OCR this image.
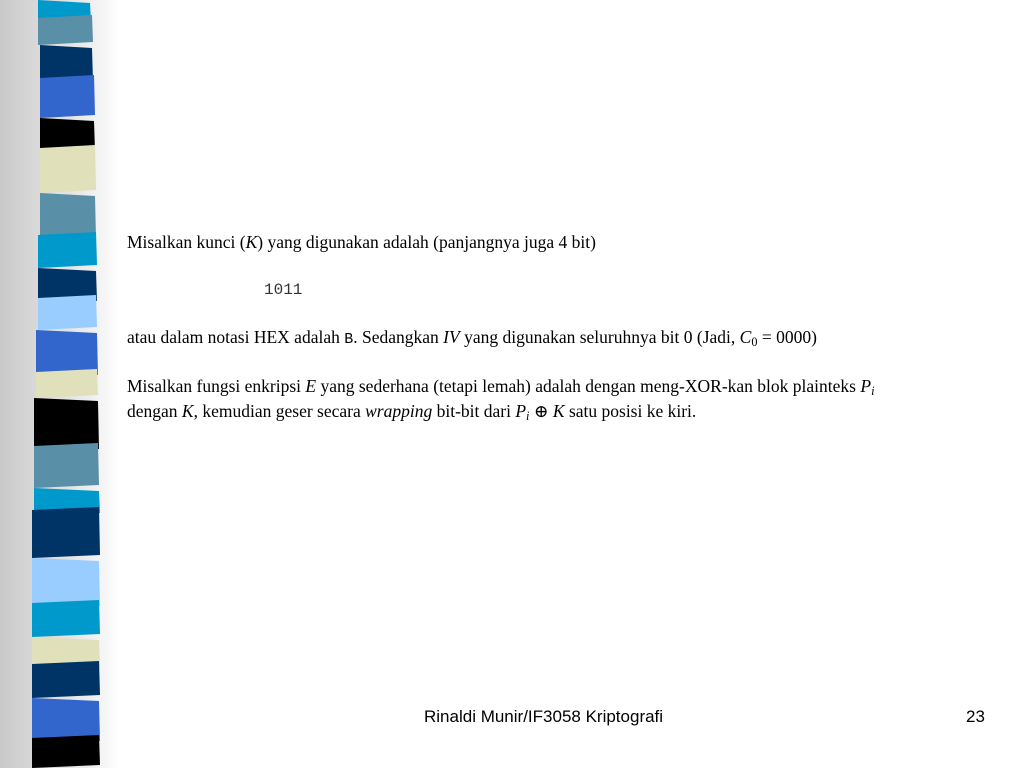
Misalkan kunci (K) yang digunakan adalah (panjangnya juga 4 bit)

1011

atau dalam notasi HEX adalah B. Sedangkan IV yang digunakan seluruhnya bit 0 (Jadi, $C_0 = 0000$)

Misalkan fungsi enkripsi E yang sederhana (tetapi lemah) adalah dengan meng-XOR-kan blok plainteks $P_i$ dengan K, kemudian geser secara wrapping bit-bit dari $P_i$ ⊕ K satu posisi ke kiri.

Rinaldi Munir/IF3058 Kriptografi	23
